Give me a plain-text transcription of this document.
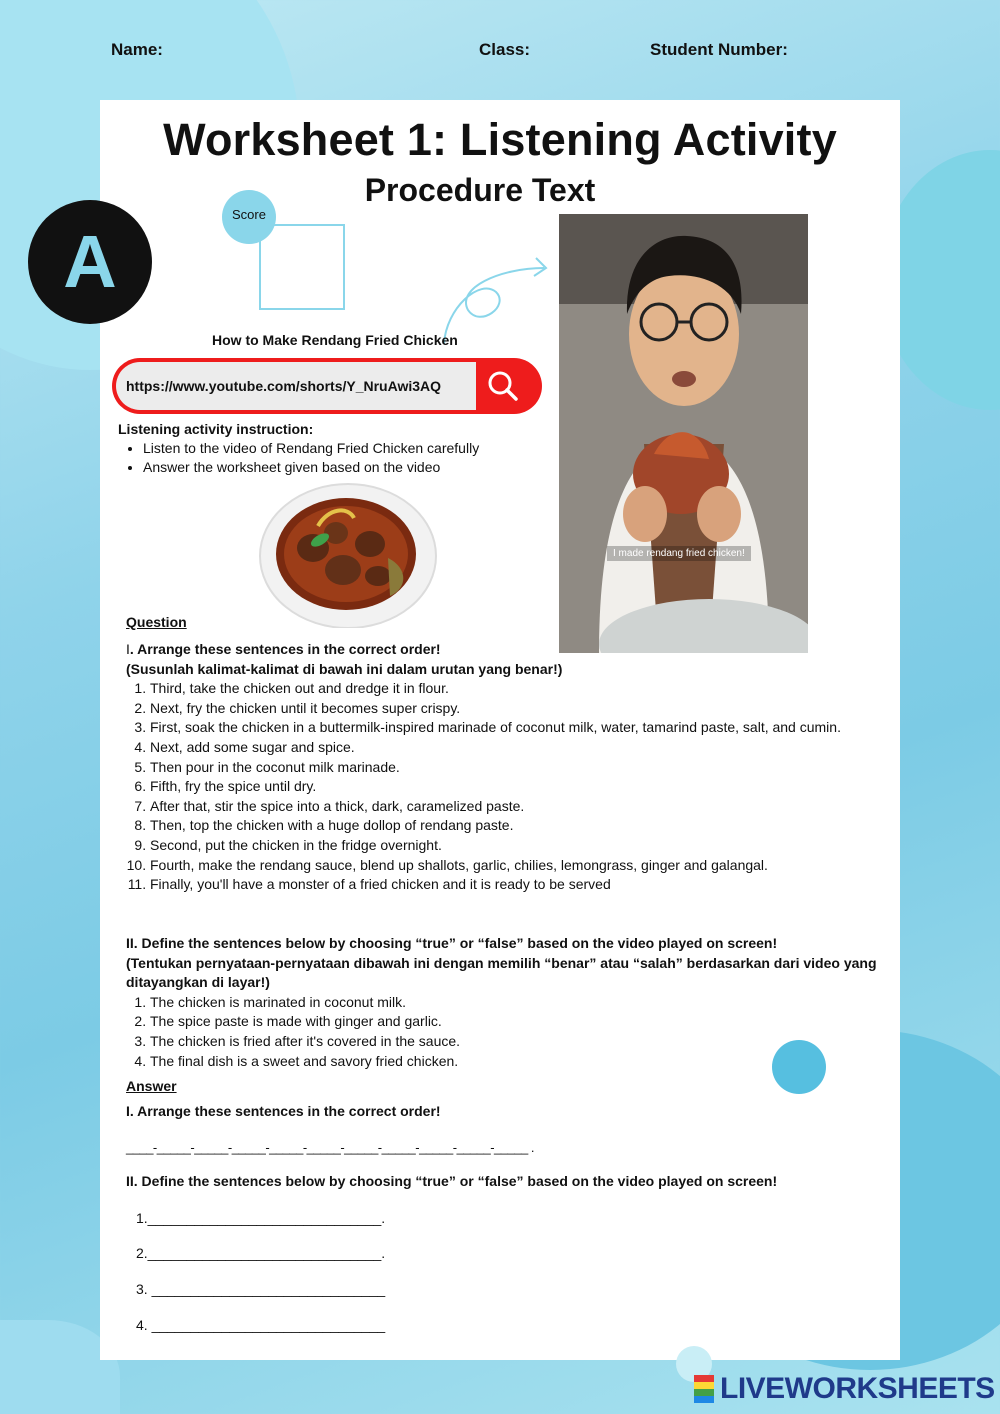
Name:	Class:	Student Number:
A
Worksheet 1: Listening Activity
Procedure Text
Score
How to Make Rendang Fried Chicken
https://www.youtube.com/shorts/Y_NruAwi3AQ
I made rendang fried chicken!
Listening activity instruction:
• Listen to the video of Rendang Fried Chicken carefully
• Answer the worksheet given based on the video
Question
I. Arrange these sentences in the correct order!
(Susunlah kalimat-kalimat di bawah ini dalam urutan yang benar!)
1. Third, take the chicken out and dredge it in flour.
2. Next, fry the chicken until it becomes super crispy.
3. First, soak the chicken in a buttermilk-inspired marinade of coconut milk, water, tamarind paste, salt, and cumin.
4. Next, add some sugar and spice.
5. Then pour in the coconut milk marinade.
6. Fifth, fry the spice until dry.
7. After that, stir the spice into a thick, dark, caramelized paste.
8. Then, top the chicken with a huge dollop of rendang paste.
9. Second, put the chicken in the fridge overnight.
10. Fourth, make the rendang sauce, blend up shallots, garlic, chilies, lemongrass, ginger and galangal.
11. Finally, you'll have a monster of a fried chicken and it is ready to be served
II. Define the sentences below by choosing “true” or “false” based on the video played on screen!
(Tentukan pernyataan-pernyataan dibawah ini dengan memilih “benar” atau “salah” berdasarkan dari video yang ditayangkan di layar!)
1. The chicken is marinated in coconut milk.
2. The spice paste is made with ginger and garlic.
3. The chicken is fried after it's covered in the sauce.
4. The final dish is a sweet and savory fried chicken.
Answer
I. Arrange these sentences in the correct order!
____-_____-_____-_____-_____-_____-_____-_____-_____-_____-_____ .
II. Define the sentences below by choosing “true” or “false” based on the video played on screen!
1.______________________________.
2.______________________________.
3. ______________________________
4. ______________________________
LIVEWORKSHEETS
